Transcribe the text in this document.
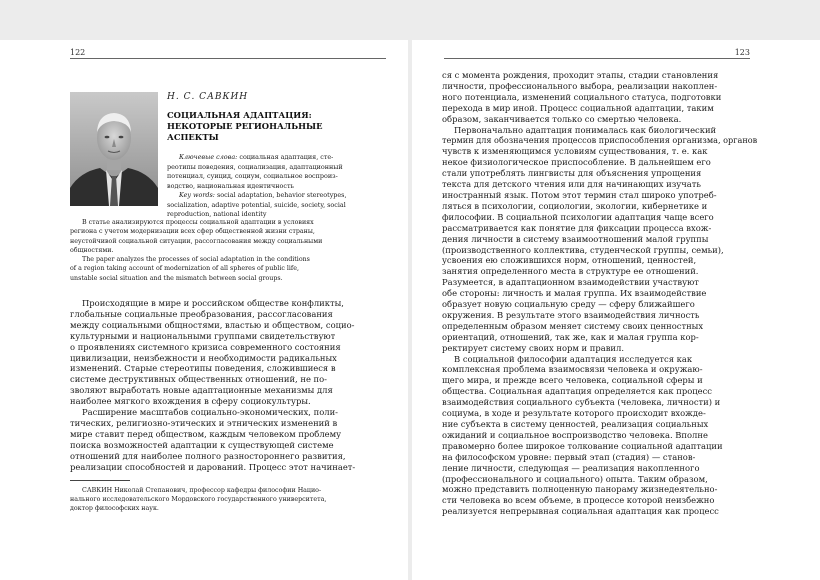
122
Н. С. САВКИН
СОЦИАЛЬНАЯ АДАПТАЦИЯ:
НЕКОТОРЫЕ РЕГИОНАЛЬНЫЕ
АСПЕКТЫ
Ключевые слова: социальная адаптация, сте-
реотипы поведения, социализация, адаптационный
потенциал, суицид, социум, социальное воспроиз-
водство, национальная идентичность
Key words: social adaptation, behavior stereotypes,
socialization, adaptive potential, suicide, society, social
reproduction, national identity
В статье анализируются процессы социальной адаптации в условиях
региона с учетом модернизации всех сфер общественной жизни страны,
неустойчивой социальной ситуации, рассогласования между социальными
общностями.
The paper analyzes the processes of social adaptation in the conditions
of a region taking account of modernization of all spheres of public life,
unstable social situation and the mismatch between social groups.
Происходящие в мире и российском обществе конфликты,
глобальные социальные преобразования, рассогласования
между социальными общностями, властью и обществом, социо-
культурными и национальными группами свидетельствуют
о проявлениях системного кризиса современного состояния
цивилизации, неизбежности и необходимости радикальных
изменений. Старые стереотипы поведения, сложившиеся в
системе деструктивных общественных отношений, не по-
зволяют выработать новые адаптационные механизмы для
наиболее мягкого вхождения в сферу социокультуры.
Расширение масштабов социально-экономических, поли-
тических, религиозно-этических и этнических изменений в
мире ставит перед обществом, каждым человеком проблему
поиска возможностей адаптации к существующей системе
отношений для наиболее полного разностороннего развития,
реализации способностей и дарований. Процесс этот начинает-
САВКИН Николай Степанович, профессор кафедры философии Нацио-
нального исследовательского Мордовского государственного университета,
доктор философских наук.
123
ся с момента рождения, проходит этапы, стадии становления
личности, профессионального выбора, реализации накоплен-
ного потенциала, изменений социального статуса, подготовки
перехода в мир иной. Процесс социальной адаптации, таким
образом, заканчивается только со смертью человека.
Первоначально адаптация понималась как биологический
термин для обозначения процессов приспособления организма, органов
чувств к изменяющимся условиям существования, т. е. как
некое физиологическое приспособление. В дальнейшем его
стали употреблять лингвисты для объяснения упрощения
текста для детского чтения или для начинающих изучать
иностранный язык. Потом этот термин стал широко употреб-
ляться в психологии, социологии, экологии, кибернетике и
философии. В социальной психологии адаптация чаще всего
рассматривается как понятие для фиксации процесса вхож-
дения личности в систему взаимоотношений малой группы
(производственного коллектива, студенческой группы, семьи),
усвоения ею сложившихся норм, отношений, ценностей,
занятия определенного места в структуре ее отношений.
Разумеется, в адаптационном взаимодействии участвуют
обе стороны: личность и малая группа. Их взаимодействие
образует новую социальную среду — сферу ближайшего
окружения. В результате этого взаимодействия личность
определенным образом меняет систему своих ценностных
ориентаций, отношений, так же, как и малая группа кор-
ректирует систему своих норм и правил.
В социальной философии адаптация исследуется как
комплексная проблема взаимосвязи человека и окружаю-
щего мира, и прежде всего человека, социальной сферы и
общества. Социальная адаптация определяется как процесс
взаимодействия социального субъекта (человека, личности) и
социума, в ходе и результате которого происходит вхожде-
ние субъекта в систему ценностей, реализация социальных
ожиданий и социальное воспроизводство человека. Вполне
правомерно более широкое толкование социальной адаптации
на философском уровне: первый этап (стадия) — станов-
ление личности, следующая — реализация накопленного
(профессионального и социального) опыта. Таким образом,
можно представить полноценную панораму жизнедеятельно-
сти человека во всем объеме, в процессе которой неизбежно
реализуется непрерывная социальная адаптация как процесс
